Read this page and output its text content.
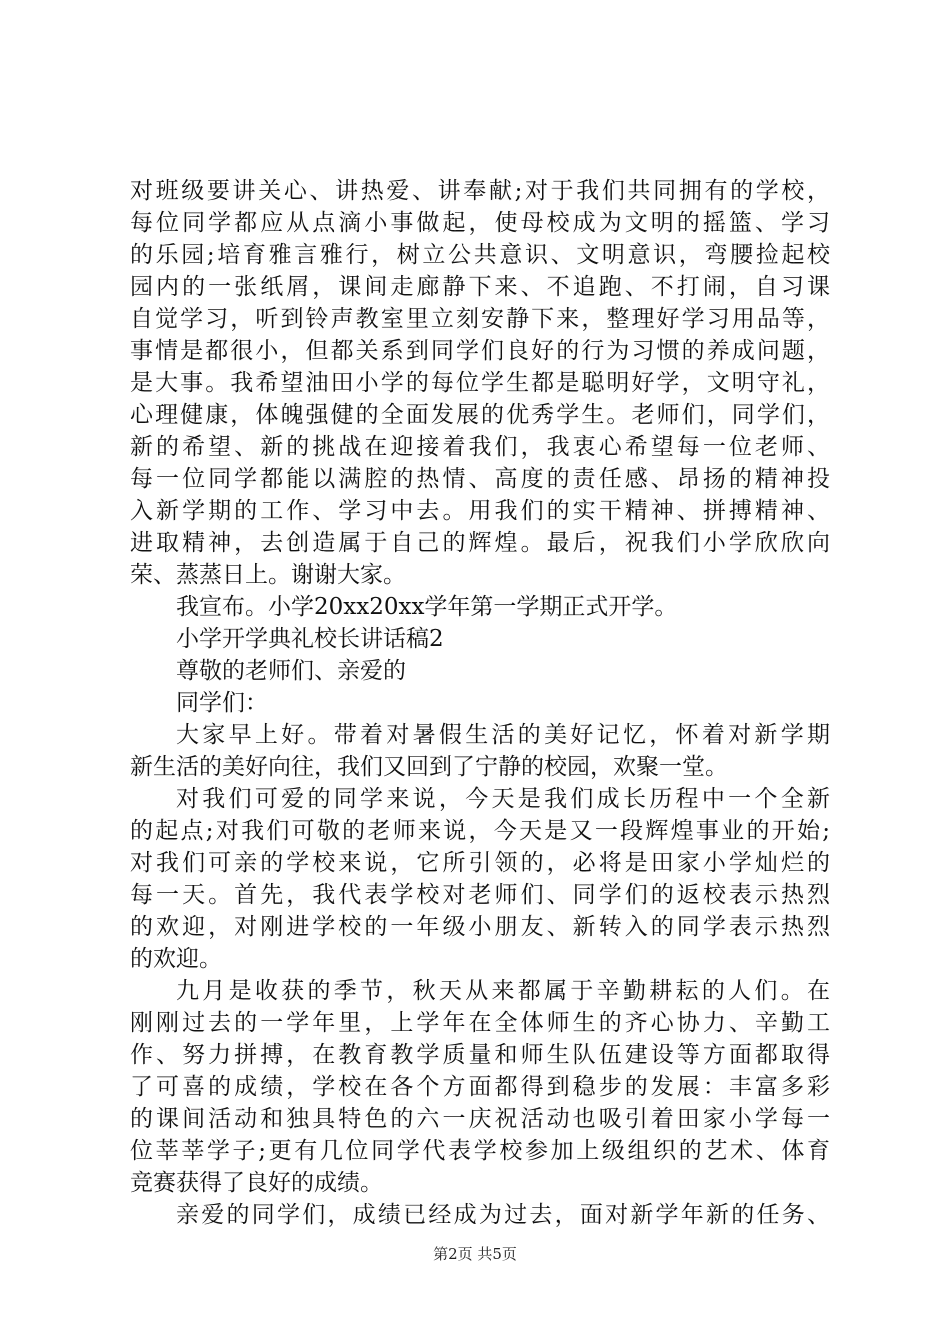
对班级要讲关心、讲热爱、讲奉献;对于我们共同拥有的学校，
每位同学都应从点滴小事做起，使母校成为文明的摇篮、学习
的乐园;培育雅言雅行，树立公共意识、文明意识，弯腰捡起校
园内的一张纸屑，课间走廊静下来、不追跑、不打闹，自习课
自觉学习，听到铃声教室里立刻安静下来，整理好学习用品等，
事情是都很小，但都关系到同学们良好的行为习惯的养成问题，
是大事。我希望油田小学的每位学生都是聪明好学，文明守礼，
心理健康，体魄强健的全面发展的优秀学生。老师们，同学们，
新的希望、新的挑战在迎接着我们，我衷心希望每一位老师、
每一位同学都能以满腔的热情、高度的责任感、昂扬的精神投
入新学期的工作、学习中去。用我们的实干精神、拼搏精神、
进取精神，去创造属于自己的辉煌。最后，祝我们小学欣欣向
荣、蒸蒸日上。谢谢大家。
我宣布。小学20xx20xx学年第一学期正式开学。
小学开学典礼校长讲话稿2
尊敬的老师们、亲爱的
同学们：
大家早上好。带着对暑假生活的美好记忆，怀着对新学期
新生活的美好向往，我们又回到了宁静的校园，欢聚一堂。
对我们可爱的同学来说，今天是我们成长历程中一个全新
的起点;对我们可敬的老师来说，今天是又一段辉煌事业的开始;
对我们可亲的学校来说，它所引领的，必将是田家小学灿烂的
每一天。首先，我代表学校对老师们、同学们的返校表示热烈
的欢迎，对刚进学校的一年级小朋友、新转入的同学表示热烈
的欢迎。
九月是收获的季节，秋天从来都属于辛勤耕耘的人们。在
刚刚过去的一学年里，上学年在全体师生的齐心协力、辛勤工
作、努力拼搏，在教育教学质量和师生队伍建设等方面都取得
了可喜的成绩，学校在各个方面都得到稳步的发展：丰富多彩
的课间活动和独具特色的六一庆祝活动也吸引着田家小学每一
位莘莘学子;更有几位同学代表学校参加上级组织的艺术、体育
竞赛获得了良好的成绩。
亲爱的同学们，成绩已经成为过去，面对新学年新的任务、
第2页 共5页
